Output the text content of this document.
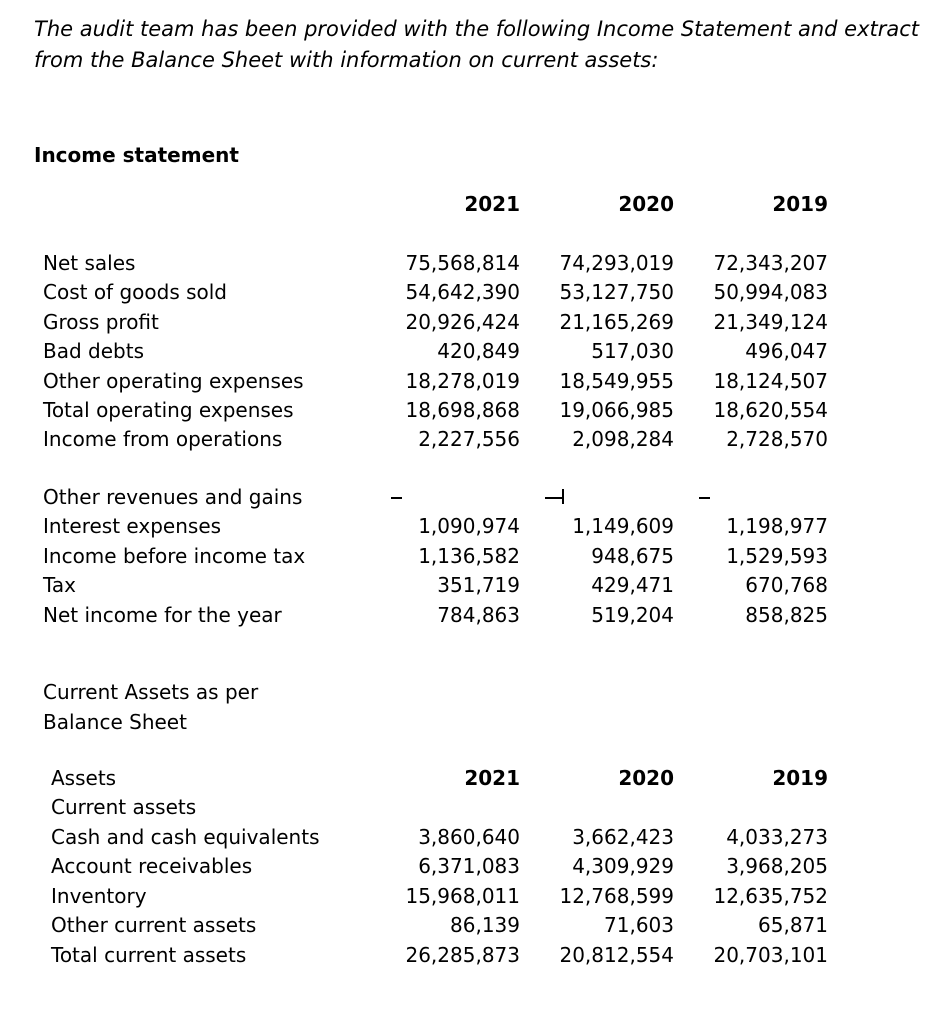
The audit team has been provided with the following Income Statement and extract from the Balance Sheet with information on current assets:

Income statement
2021	2020	2019
Net sales	75,568,814	74,293,019	72,343,207
Cost of goods sold	54,642,390	53,127,750	50,994,083
Gross profit	20,926,424	21,165,269	21,349,124
Bad debts	420,849	517,030	496,047
Other operating expenses	18,278,019	18,549,955	18,124,507
Total operating expenses	18,698,868	19,066,985	18,620,554
Income from operations	2,227,556	2,098,284	2,728,570
Other revenues and gains
Interest expenses	1,090,974	1,149,609	1,198,977
Income before income tax	1,136,582	948,675	1,529,593
Tax	351,719	429,471	670,768
Net income for the year	784,863	519,204	858,825
Current Assets as per
Balance Sheet
Assets	2021	2020	2019
Current assets
Cash and cash equivalents	3,860,640	3,662,423	4,033,273
Account receivables	6,371,083	4,309,929	3,968,205
Inventory	15,968,011	12,768,599	12,635,752
Other current assets	86,139	71,603	65,871
Total current assets	26,285,873	20,812,554	20,703,101
